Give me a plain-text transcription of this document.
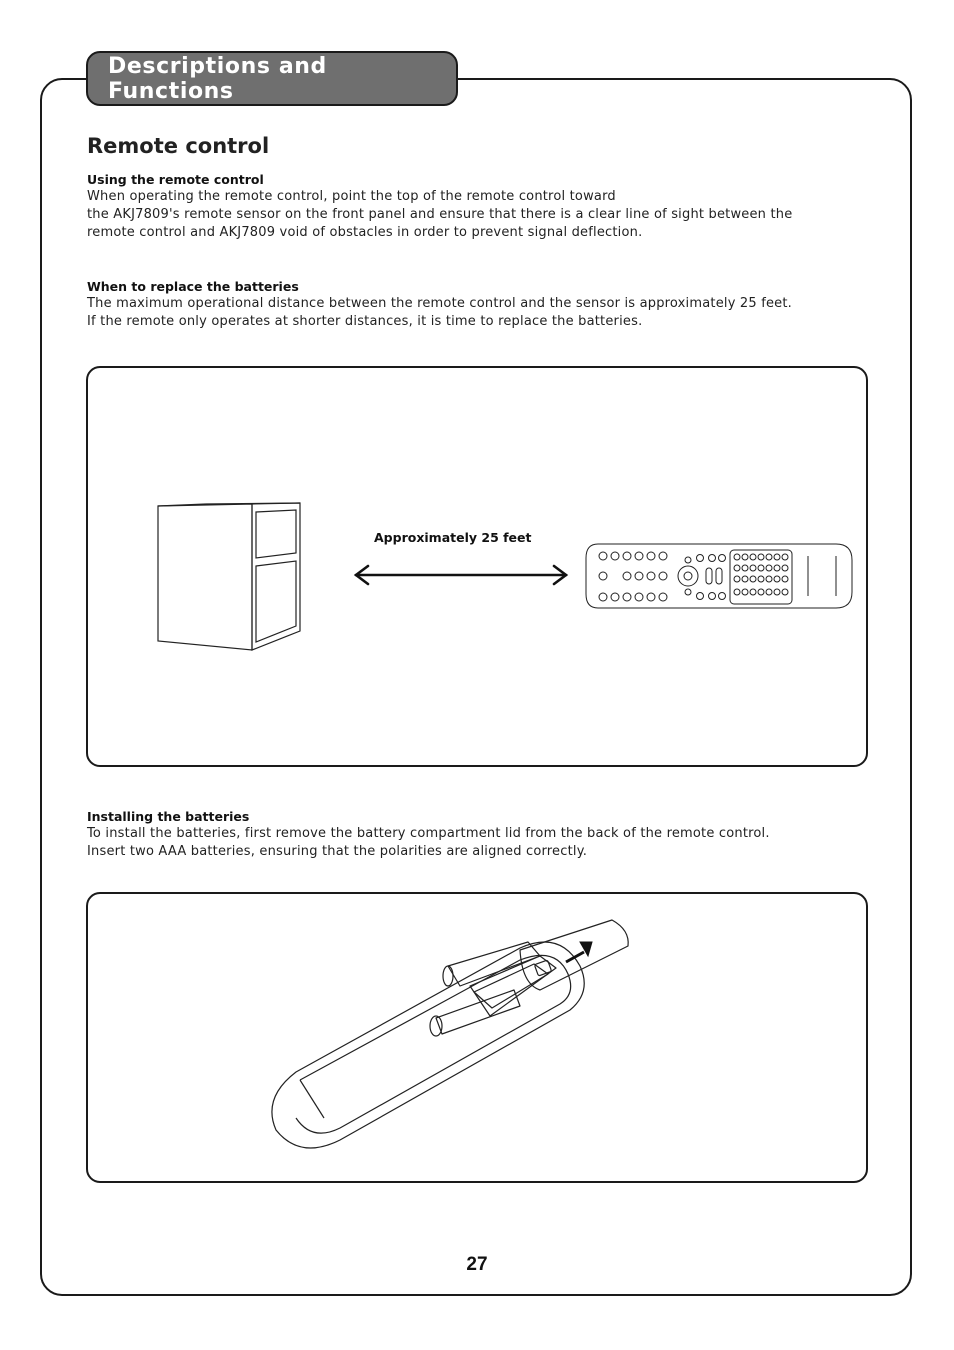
Descriptions and Functions
Remote control

Using the remote control

When operating the remote control, point the top of the remote control toward
the AKJ7809's remote sensor on the front panel and ensure that there is a clear line of sight between the
remote control and AKJ7809 void of obstacles in order to prevent signal deflection.

When to replace the batteries

The maximum operational distance between the remote control and the sensor is approximately 25 feet.
If the remote only operates at shorter distances, it is time to replace the batteries.

Approximately 25 feet

Installing the batteries

To install the batteries, first remove the battery compartment lid from the back of the remote control.
Insert two AAA batteries, ensuring that the polarities are aligned correctly.

27
